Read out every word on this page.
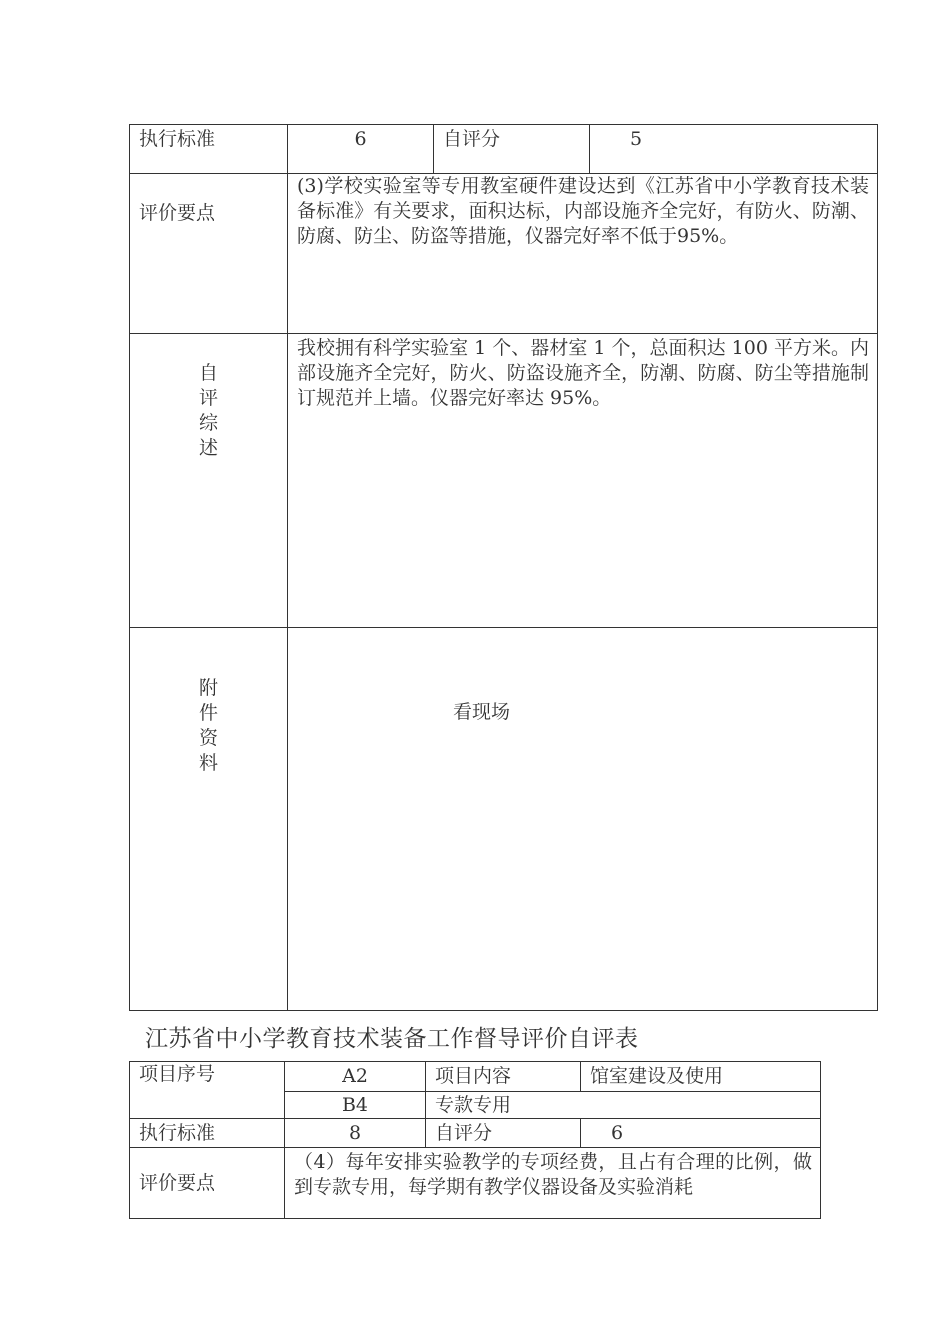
执行标准	6	自评分	5
评价要点	(3)学校实验室等专用教室硬件建设达到《江苏省中小学教育技术装备标准》有关要求，面积达标，内部设施齐全完好，有防火、防潮、防腐、防尘、防盗等措施，仪器完好率不低于95%。		

自
评
综
述	我校拥有科学实验室 1 个、器材室 1 个，总面积达 100 平方米。内部设施齐全完好，防火、防盗设施齐全，防潮、防腐、防尘等措施制订规范并上墙。仪器完好率达 95%。		

附
件
资
料	看现场		
江苏省中小学教育技术装备工作督导评价自评表
项目序号	A2	项目内容	馆室建设及使用
	B4	专款专用	
执行标准	8	自评分	6
评价要点	（4）每年安排实验教学的专项经费，且占有合理的比例，做到专款专用，每学期有教学仪器设备及实验消耗		
